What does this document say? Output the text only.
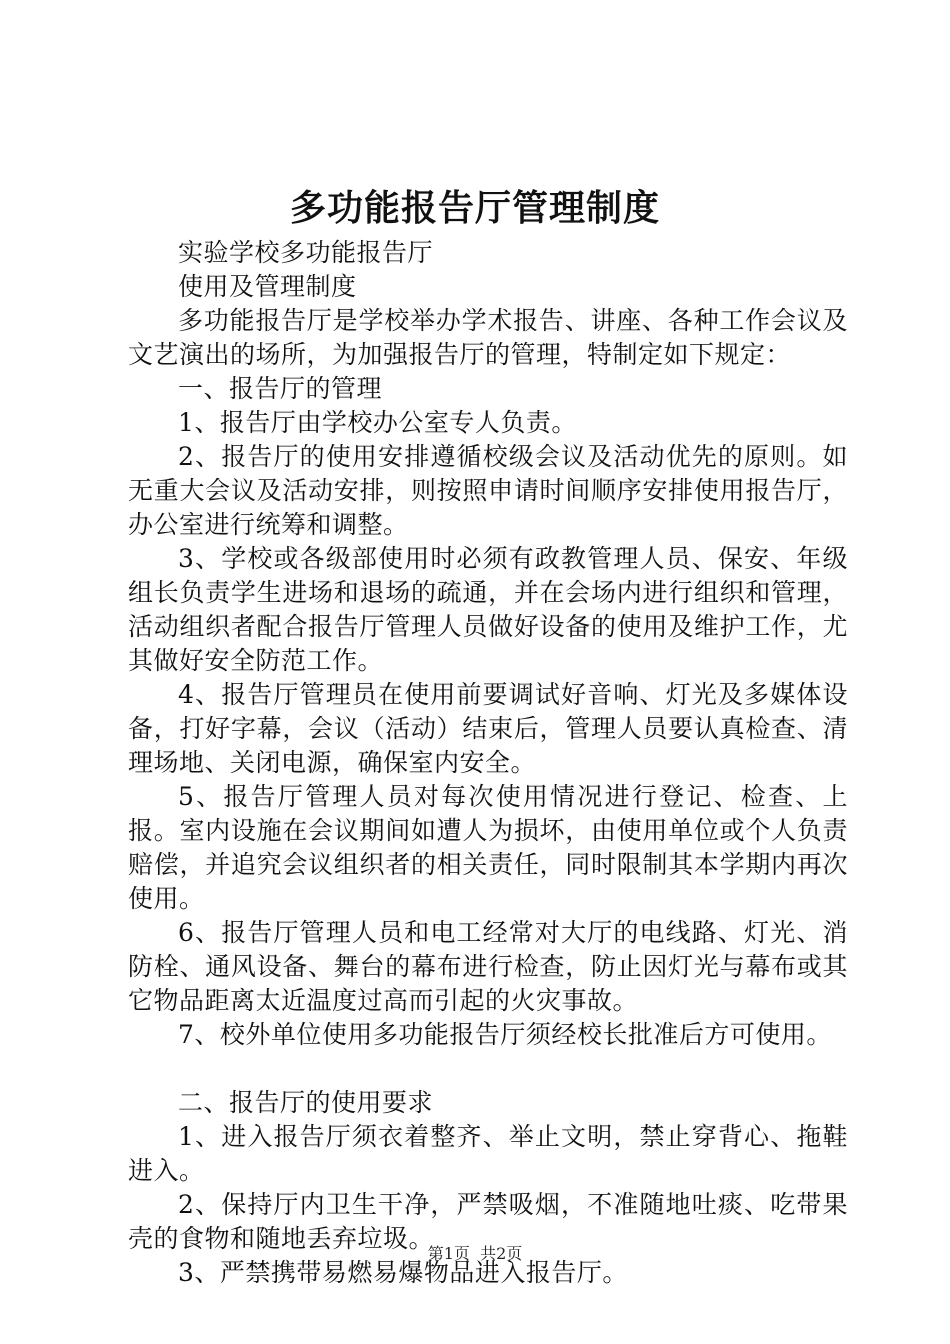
多功能报告厅管理制度

实验学校多功能报告厅

使用及管理制度

多功能报告厅是学校举办学术报告、讲座、各种工作会议及文艺演出的场所，为加强报告厅的管理，特制定如下规定：

一、报告厅的管理

1、报告厅由学校办公室专人负责。

2、报告厅的使用安排遵循校级会议及活动优先的原则。如无重大会议及活动安排，则按照申请时间顺序安排使用报告厅，办公室进行统筹和调整。

3、学校或各级部使用时必须有政教管理人员、保安、年级组长负责学生进场和退场的疏通，并在会场内进行组织和管理，活动组织者配合报告厅管理人员做好设备的使用及维护工作，尤其做好安全防范工作。

4、报告厅管理员在使用前要调试好音响、灯光及多媒体设备，打好字幕，会议（活动）结束后，管理人员要认真检查、清理场地、关闭电源，确保室内安全。

5、报告厅管理人员对每次使用情况进行登记、检查、上报。室内设施在会议期间如遭人为损坏，由使用单位或个人负责赔偿，并追究会议组织者的相关责任，同时限制其本学期内再次使用。

6、报告厅管理人员和电工经常对大厅的电线路、灯光、消防栓、通风设备、舞台的幕布进行检查，防止因灯光与幕布或其它物品距离太近温度过高而引起的火灾事故。

7、校外单位使用多功能报告厅须经校长批准后方可使用。

二、报告厅的使用要求

1、进入报告厅须衣着整齐、举止文明，禁止穿背心、拖鞋进入。

2、保持厅内卫生干净，严禁吸烟，不准随地吐痰、吃带果壳的食物和随地丢弃垃圾。

3、严禁携带易燃易爆物品进入报告厅。

第1页 共2页
